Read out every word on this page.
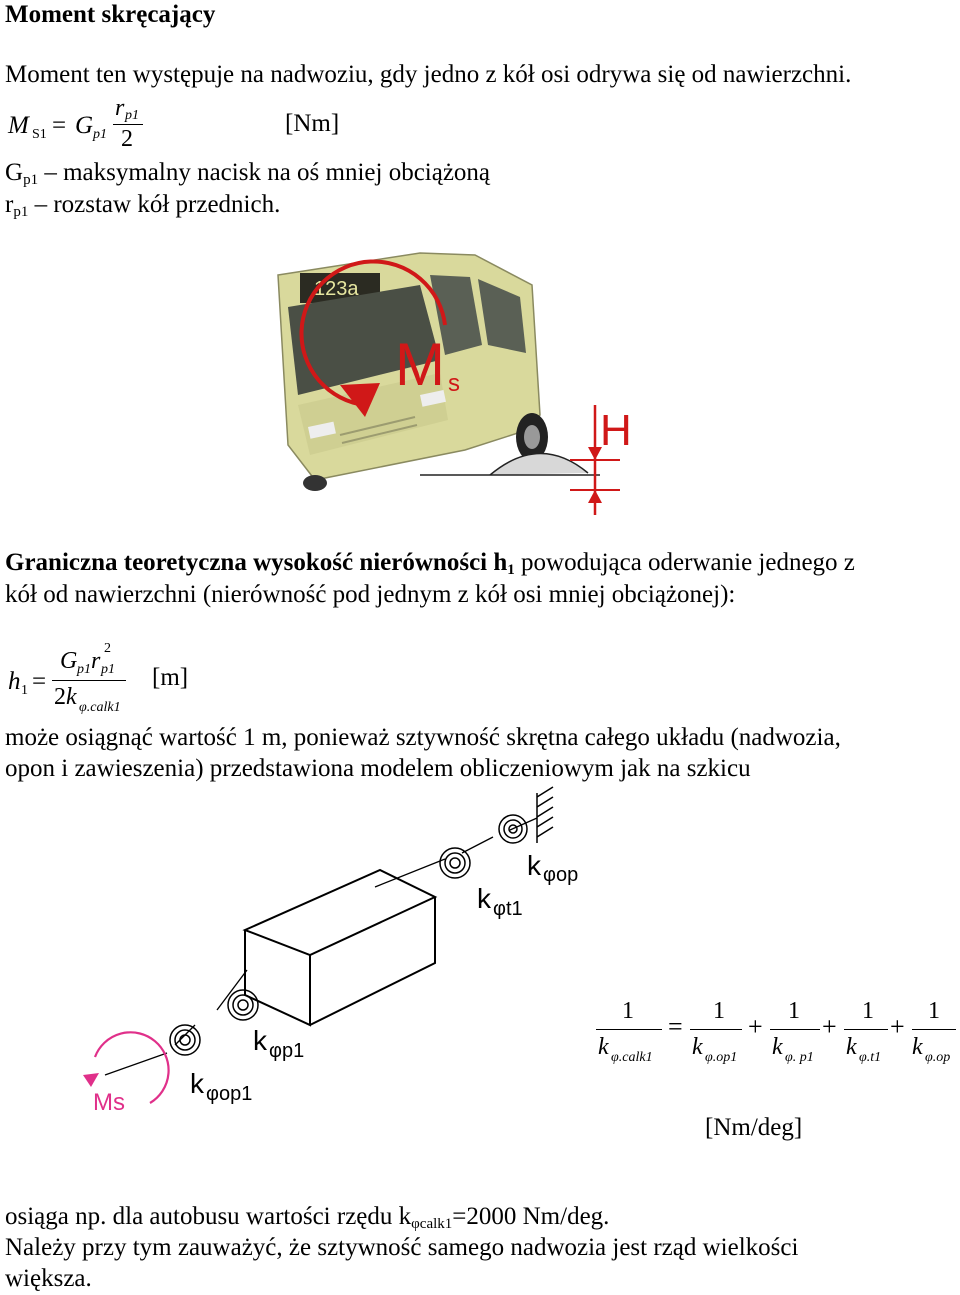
Moment skręcający
Moment ten występuje na nadwoziu, gdy jedno z kół osi odrywa się od nawierzchni.
M S1 = G p1
r p1
2
[Nm]
$G_{p1}$ – maksymalny nacisk na oś mniej obciążoną
$r_{p1}$ – rozstaw kół przednich.
123a
M s
H
Graniczna teoretyczna wysokość nierówności $h_1$ powodująca oderwanie jednego z
kół od nawierzchni (nierówność pod jednym z kół osi mniej obciążonej):
h 1 =
G p1 r p1
2
2 k φ.calk1
[m]
może osiągnąć wartość 1 m, ponieważ sztywność skrętna całego układu (nadwozia,
opon i zawieszenia) przedstawiona modelem obliczeniowym jak na szkicu
Ms
k φop
k φt1
k φp1
k φop1
1
k φ.calk1
=
1
k φ.op1
+
1
k φ. p1
+
1
k φ.t1
+
1
k φ.op
[Nm/deg]
osiąga np. dla autobusu wartości rzędu $k_{\varphi calk1}=2000$ Nm/deg.
Należy przy tym zauważyć, że sztywność samego nadwozia jest rząd wielkości
większa.
